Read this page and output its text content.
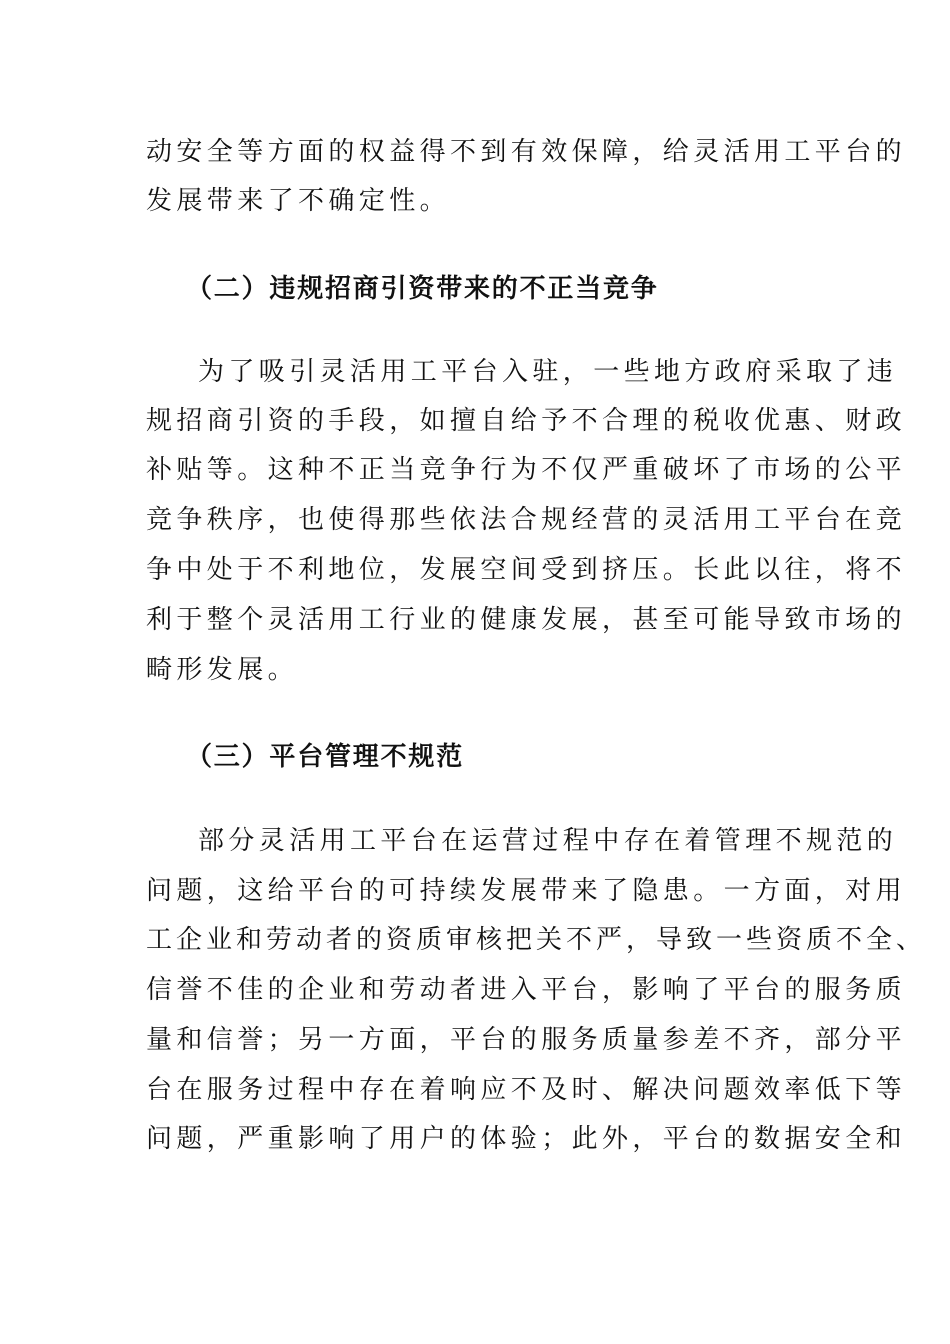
动安全等方面的权益得不到有效保障，给灵活用工平台的
发展带来了不确定性。
（二）违规招商引资带来的不正当竞争
为了吸引灵活用工平台入驻，一些地方政府采取了违
规招商引资的手段，如擅自给予不合理的税收优惠、财政
补贴等。这种不正当竞争行为不仅严重破坏了市场的公平
竞争秩序，也使得那些依法合规经营的灵活用工平台在竞
争中处于不利地位，发展空间受到挤压。长此以往，将不
利于整个灵活用工行业的健康发展，甚至可能导致市场的
畸形发展。
（三）平台管理不规范
部分灵活用工平台在运营过程中存在着管理不规范的
问题，这给平台的可持续发展带来了隐患。一方面，对用
工企业和劳动者的资质审核把关不严，导致一些资质不全、
信誉不佳的企业和劳动者进入平台，影响了平台的服务质
量和信誉；另一方面，平台的服务质量参差不齐，部分平
台在服务过程中存在着响应不及时、解决问题效率低下等
问题，严重影响了用户的体验；此外，平台的数据安全和
